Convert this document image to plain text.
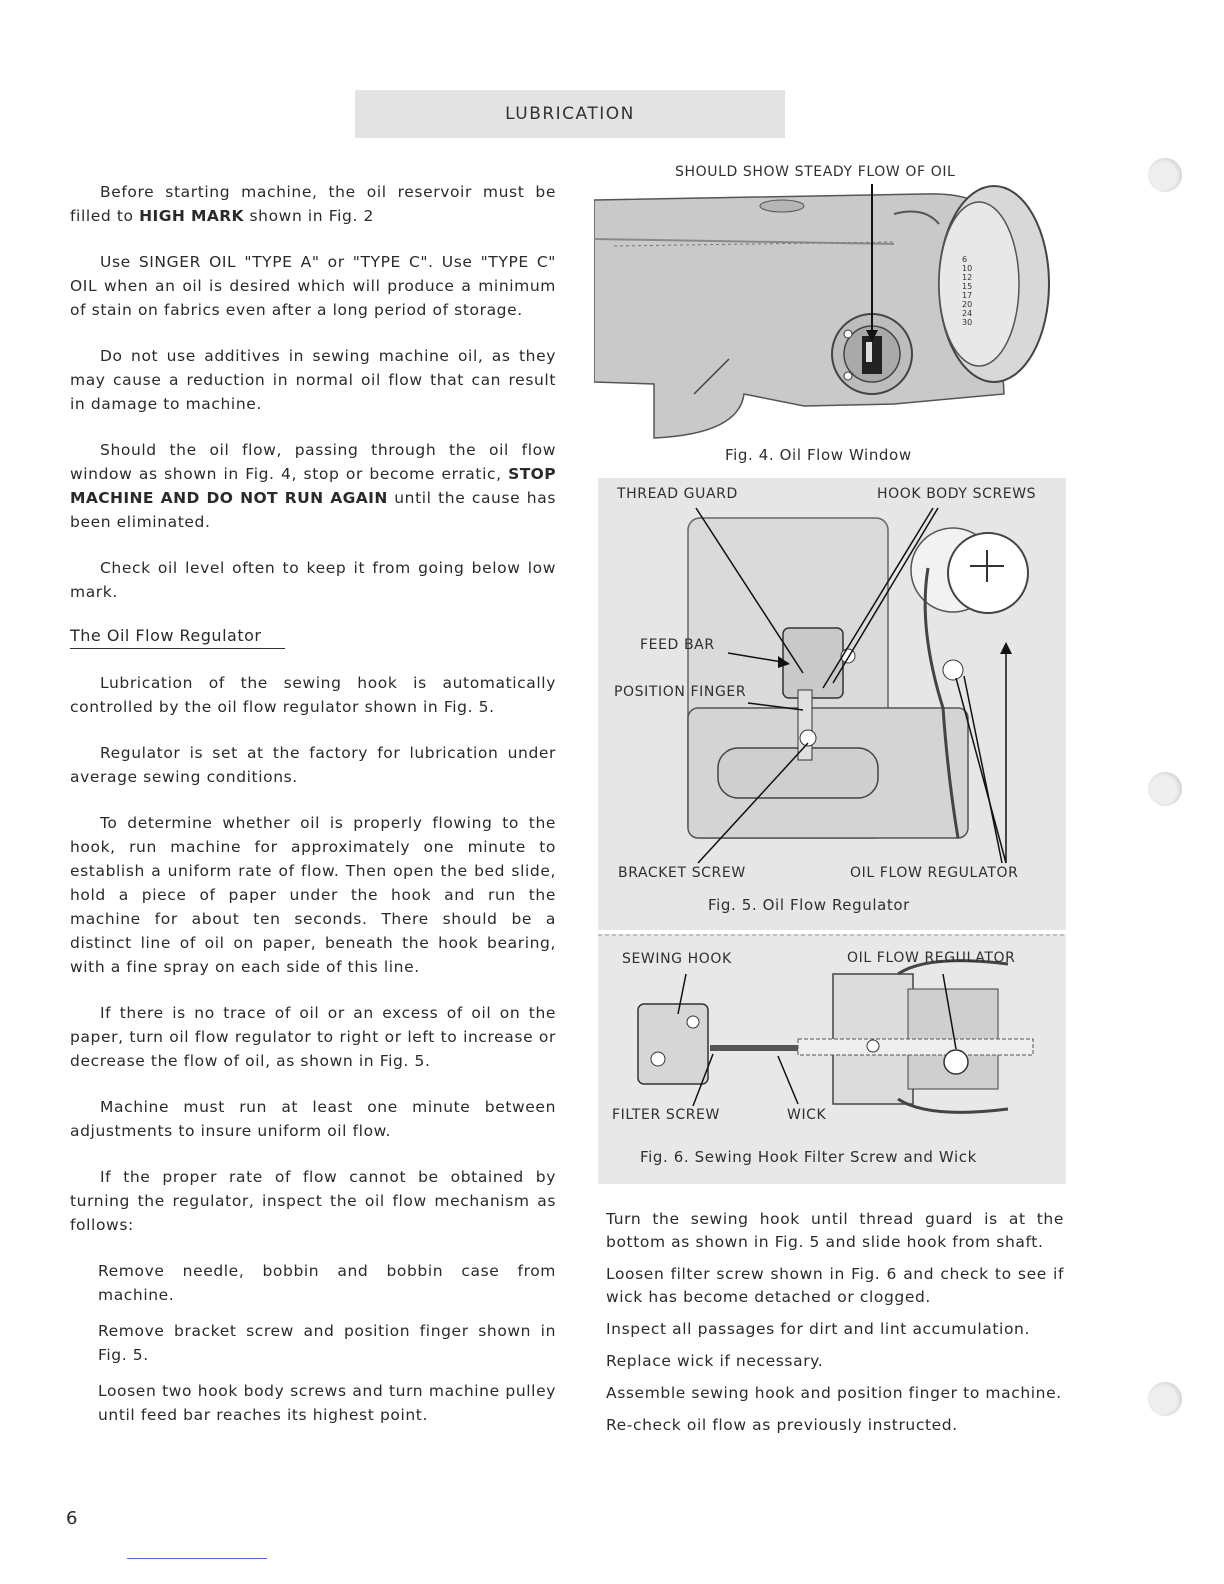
LUBRICATION

Before starting machine, the oil reservoir must be filled to HIGH MARK shown in Fig. 2

Use SINGER OIL "TYPE A" or "TYPE C". Use "TYPE C" OIL when an oil is desired which will produce a minimum of stain on fabrics even after a long period of storage.

Do not use additives in sewing machine oil, as they may cause a reduction in normal oil flow that can result in damage to machine.

Should the oil flow, passing through the oil flow window as shown in Fig. 4, stop or become erratic, STOP MACHINE AND DO NOT RUN AGAIN until the cause has been eliminated.

Check oil level often to keep it from going below low mark.

The Oil Flow Regulator

Lubrication of the sewing hook is automatically controlled by the oil flow regulator shown in Fig. 5.

Regulator is set at the factory for lubrication under average sewing conditions.

To determine whether oil is properly flowing to the hook, run machine for approximately one minute to establish a uniform rate of flow. Then open the bed slide, hold a piece of paper under the hook and run the machine for about ten seconds. There should be a distinct line of oil on paper, beneath the hook bearing, with a fine spray on each side of this line.

If there is no trace of oil or an excess of oil on the paper, turn oil flow regulator to right or left to increase or decrease the flow of oil, as shown in Fig. 5.

Machine must run at least one minute between adjustments to insure uniform oil flow.

If the proper rate of flow cannot be obtained by turning the regulator, inspect the oil flow mechanism as follows:

Remove needle, bobbin and bobbin case from machine.

Remove bracket screw and position finger shown in Fig. 5.

Loosen two hook body screws and turn machine pulley until feed bar reaches its highest point.

SHOULD SHOW STEADY FLOW OF OIL
6
10
12
15
17
20
24
30
Fig. 4. Oil Flow Window
THREAD GUARD	HOOK BODY SCREWS
FEED BAR
POSITION FINGER
BRACKET SCREW	OIL FLOW REGULATOR
Fig. 5. Oil Flow Regulator
SEWING HOOK	OIL FLOW REGULATOR
FILTER SCREW	WICK
Fig. 6. Sewing Hook Filter Screw and Wick

Turn the sewing hook until thread guard is at the bottom as shown in Fig. 5 and slide hook from shaft.

Loosen filter screw shown in Fig. 6 and check to see if wick has become detached or clogged.

Inspect all passages for dirt and lint accumulation.

Replace wick if necessary.

Assemble sewing hook and position finger to machine.

Re-check oil flow as previously instructed.

6
